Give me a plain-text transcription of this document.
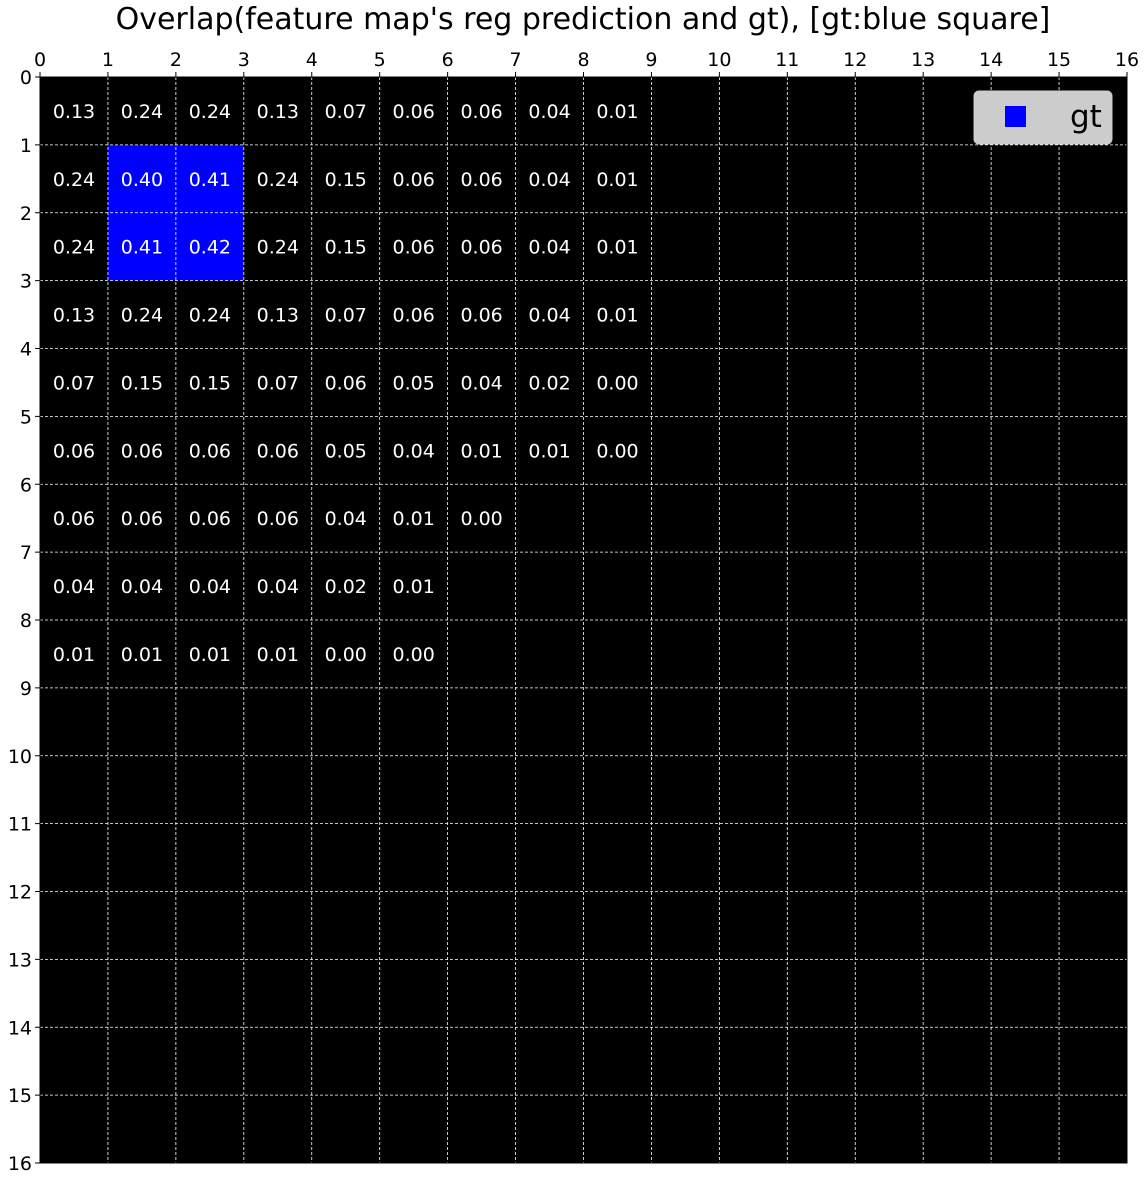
Overlap(feature map's reg prediction and gt), [gt:blue square]
0	1	2	3	4	5	6	7	8	9	10 11 12 13 14 15 16
0
1
2
3
4
5
6
7
8
9
10
11
12
13
14
15
16
0.13 0.24 0.24 0.13 0.07 0.06 0.06 0.04 0.01
0.24 0.40 0.41 0.24 0.15 0.06 0.06 0.04 0.01
0.24 0.41 0.42 0.24 0.15 0.06 0.06 0.04 0.01
0.13 0.24 0.24 0.13 0.07 0.06 0.06 0.04 0.01
0.07 0.15 0.15 0.07 0.06 0.05 0.04 0.02 0.00
0.06 0.06 0.06 0.06 0.05 0.04 0.01 0.01 0.00
0.06 0.06 0.06 0.06 0.04 0.01 0.00
0.04 0.04 0.04 0.04 0.02 0.01
0.01 0.01 0.01 0.01 0.00 0.00
gt
